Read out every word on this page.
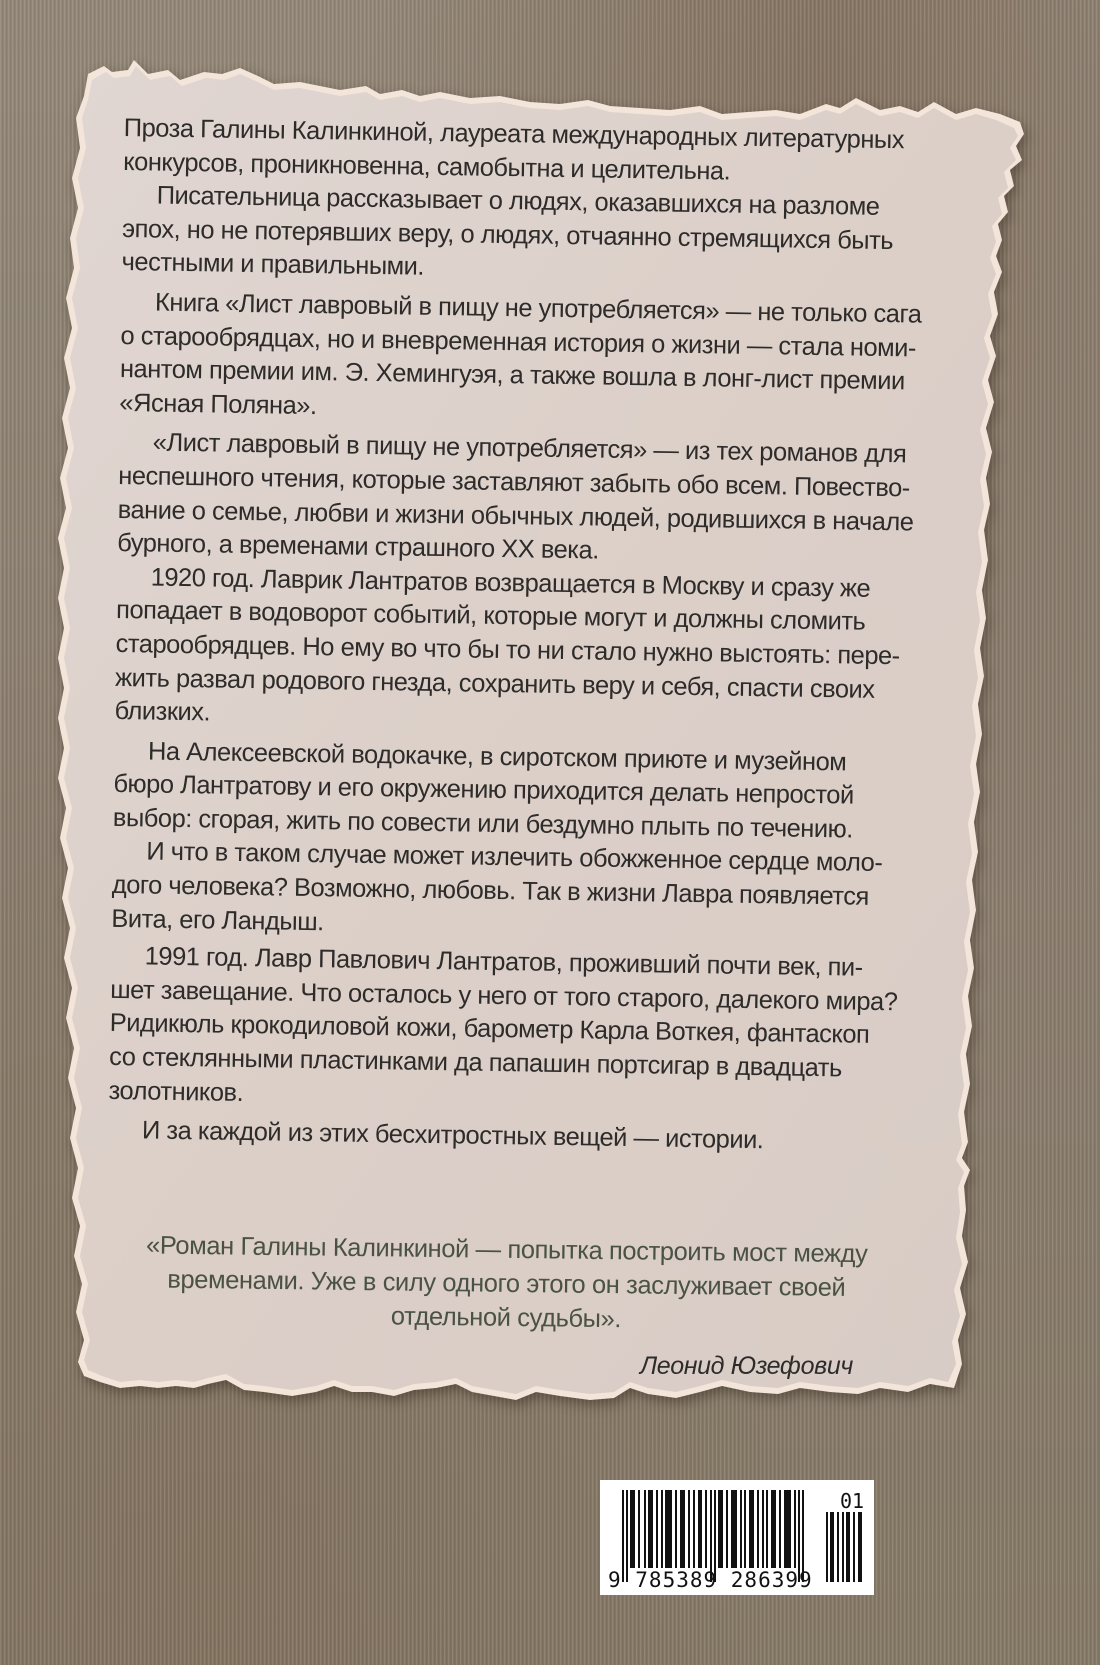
Проза Галины Калинкиной, лауреата международных литературных
конкурсов, проникновенна, самобытна и целительна.

Писательница рассказывает о людях, оказавшихся на разломе
эпох, но не потерявших веру, о людях, отчаянно стремящихся быть
честными и правильными.

Книга «Лист лавровый в пищу не употребляется» — не только сага
о старообрядцах, но и вневременная история о жизни — стала номи-
нантом премии им. Э. Хемингуэя, а также вошла в лонг-лист премии
«Ясная Поляна».

«Лист лавровый в пищу не употребляется» — из тех романов для
неспешного чтения, которые заставляют забыть обо всем. Повество-
вание о семье, любви и жизни обычных людей, родившихся в начале
бурного, а временами страшного XX века.

1920 год. Лаврик Лантратов возвращается в Москву и сразу же
попадает в водоворот событий, которые могут и должны сломить
старообрядцев. Но ему во что бы то ни стало нужно выстоять: пере-
жить развал родового гнезда, сохранить веру и себя, спасти своих
близких.

На Алексеевской водокачке, в сиротском приюте и музейном
бюро Лантратову и его окружению приходится делать непростой
выбор: сгорая, жить по совести или бездумно плыть по течению.

И что в таком случае может излечить обожженное сердце моло-
дого человека? Возможно, любовь. Так в жизни Лавра появляется
Вита, его Ландыш.

1991 год. Лавр Павлович Лантратов, проживший почти век, пи-
шет завещание. Что осталось у него от того старого, далекого мира?
Ридикюль крокодиловой кожи, барометр Карла Воткея, фантаскоп
со стеклянными пластинками да папашин портсигар в двадцать
золотников.

И за каждой из этих бесхитростных вещей — истории.

«Роман Галины Калинкиной — попытка построить мост между
временами. Уже в силу одного этого он заслуживает своей
отдельной судьбы».
Леонид Юзефович
9 785389 286399
01
